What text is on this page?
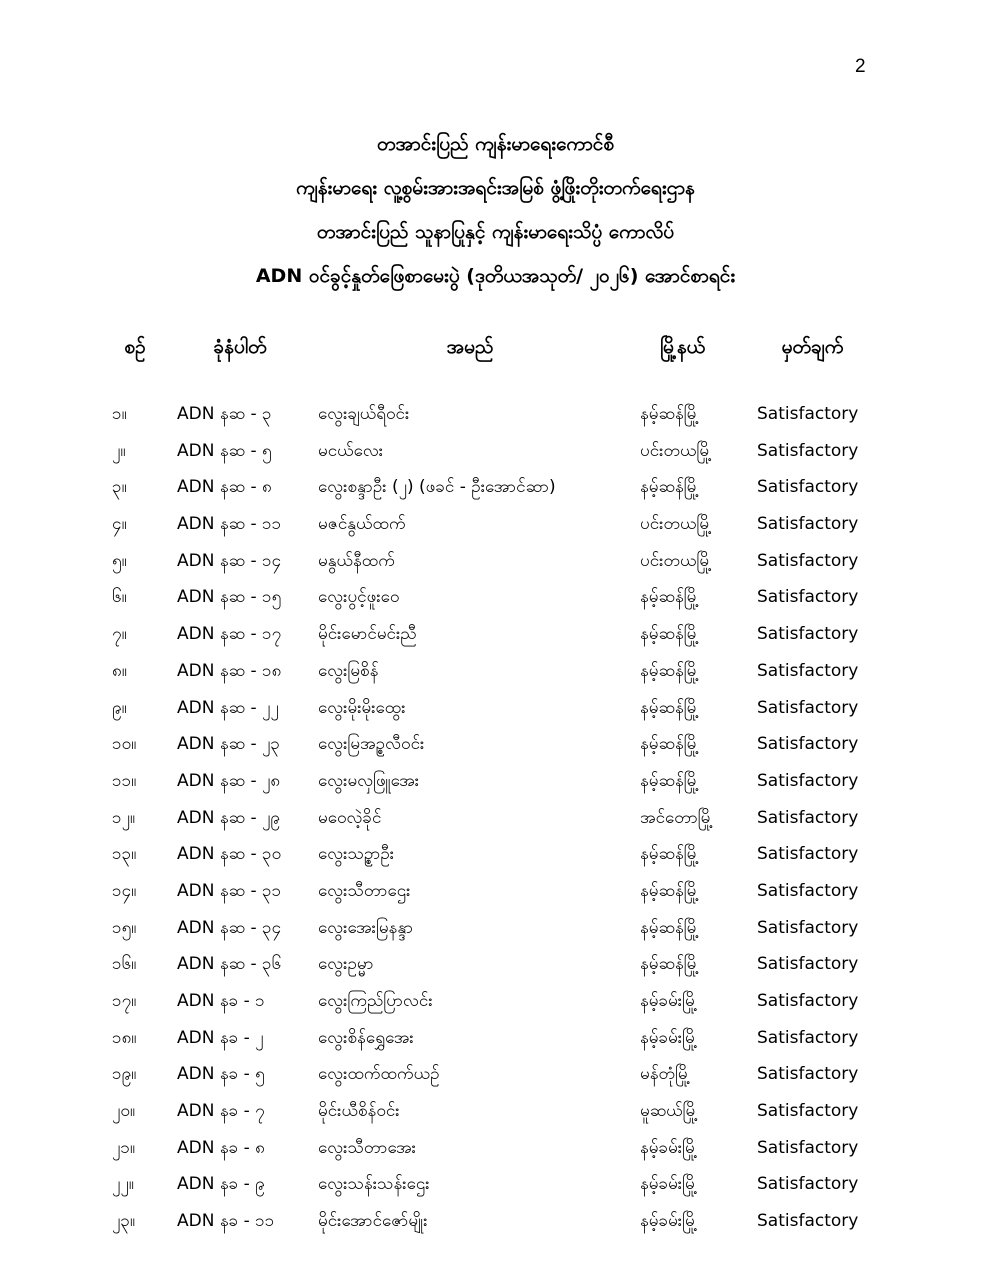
2
တအာင်းပြည် ကျန်းမာရေးကောင်စီ
ကျန်းမာရေး လူ့စွမ်းအားအရင်းအမြစ် ဖွံ့ဖြိုးတိုးတက်ရေးဌာန
တအာင်းပြည် သူနာပြုနှင့် ကျန်းမာရေးသိပ္ပံ ကောလိပ်
ADN ဝင်ခွင့်နှုတ်ဖြေစာမေးပွဲ (ဒုတိယအသုတ်/ ၂၀၂၆) အောင်စာရင်း
စဉ်	ခုံနံပါတ်	အမည်	မြို့နယ်	မှတ်ချက်
၁။	ADN နဆ - ၃	လွေးချယ်ရီဝင်း	နမ့်ဆန်မြို့	Satisfactory
၂။	ADN နဆ - ၅	မငယ်လေး	ပင်းတယမြို့	Satisfactory
၃။	ADN နဆ - ၈	လွေးစန္ဒာဦး (၂) (ဖခင် - ဦးအောင်ဆာ)	နမ့်ဆန်မြို့	Satisfactory
၄။	ADN နဆ - ၁၁	မဇင်နွယ်ထက်	ပင်းတယမြို့	Satisfactory
၅။	ADN နဆ - ၁၄	မနွယ်နီထက်	ပင်းတယမြို့	Satisfactory
၆။	ADN နဆ - ၁၅	လွေးပွင့်ဖူးဝေ	နမ့်ဆန်မြို့	Satisfactory
၇။	ADN နဆ - ၁၇	မိုင်းမောင်မင်းညီ	နမ့်ဆန်မြို့	Satisfactory
၈။	ADN နဆ - ၁၈	လွေးမြစိန်	နမ့်ဆန်မြို့	Satisfactory
၉။	ADN နဆ - ၂၂	လွေးမိုးမိုးထွေး	နမ့်ဆန်မြို့	Satisfactory
၁၀။	ADN နဆ - ၂၃	လွေးမြအဥ္စလီဝင်း	နမ့်ဆန်မြို့	Satisfactory
၁၁။	ADN နဆ - ၂၈	လွေးမလှဖြူအေး	နမ့်ဆန်မြို့	Satisfactory
၁၂။	ADN နဆ - ၂၉	မဝေလဲ့ခိုင်	အင်တောမြို့	Satisfactory
၁၃။	ADN နဆ - ၃၀	လွေးသဥ္စာဦး	နမ့်ဆန်မြို့	Satisfactory
၁၄။	ADN နဆ - ၃၁	လွေးသီတာဌေး	နမ့်ဆန်မြို့	Satisfactory
၁၅။	ADN နဆ - ၃၄	လွေးအေးမြနန္ဒာ	နမ့်ဆန်မြို့	Satisfactory
၁၆။	ADN နဆ - ၃၆	လွေးဥမ္မာ	နမ့်ဆန်မြို့	Satisfactory
၁၇။	ADN နခ - ၁	လွေးကြည်ပြာလင်း	နမ့်ခမ်းမြို့	Satisfactory
၁၈။	ADN နခ - ၂	လွေးစိန်ရွှေအေး	နမ့်ခမ်းမြို့	Satisfactory
၁၉။	ADN နခ - ၅	လွေးထက်ထက်ယဉ်	မန်တုံမြို့	Satisfactory
၂၀။	ADN နခ - ၇	မိုင်းယီစိန်ဝင်း	မူဆယ်မြို့	Satisfactory
၂၁။	ADN နခ - ၈	လွေးသီတာအေး	နမ့်ခမ်းမြို့	Satisfactory
၂၂။	ADN နခ - ၉	လွေးသန်းသန်းဌေး	နမ့်ခမ်းမြို့	Satisfactory
၂၃။	ADN နခ - ၁၁	မိုင်းအောင်ဇော်မျိုး	နမ့်ခမ်းမြို့	Satisfactory
